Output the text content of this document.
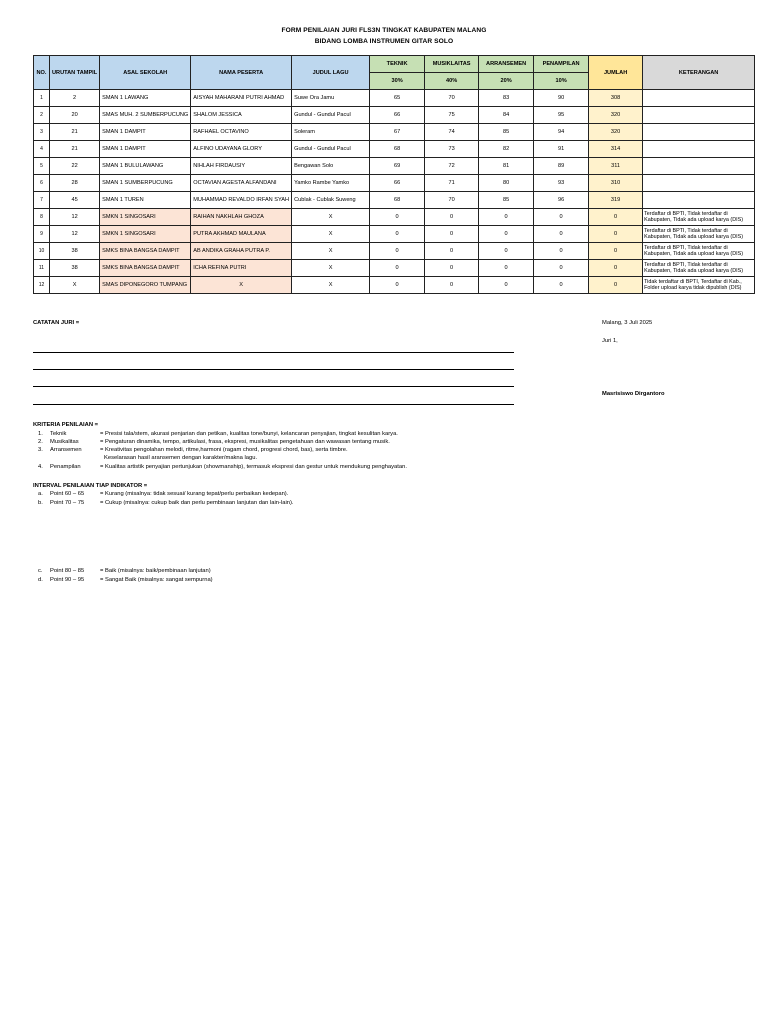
FORM PENILAIAN JURI FLS3N TINGKAT KABUPATEN MALANG
BIDANG LOMBA INSTRUMEN GITAR SOLO
NO.	URUTAN TAMPIL	ASAL SEKOLAH	NAMA PESERTA	JUDUL LAGU	TEKNIK	MUSIKLAITAS	ARRANSEMEN	PENAMPILAN	JUMLAH	KETERANGAN
					30%	40%	20%	10%		
1	2	SMAN 1 LAWANG	AISYAH MAHARANI PUTRI AHMAD	Suwe Ora Jamu	65	70	83	90	308	
2	20	SMAS MUH. 2 SUMBERPUCUNG	SHALOM JESSICA	Gundul - Gundul Pacul	66	75	84	95	320	
3	21	SMAN 1 DAMPIT	RAFHAEL OCTAVINO	Soleram	67	74	85	94	320	
4	21	SMAN 1 DAMPIT	ALFINO UDAYANA GLORY	Gundul - Gundul Pacul	68	73	82	91	314	
5	22	SMAN 1 BULULAWANG	NIHLAH FIRDAUSIY	Bengawan Solo	69	72	81	89	311	
6	28	SMAN 1 SUMBERPUCUNG	OCTAVIAN AGESTA ALFANDANI	Yamko Rambe Yamko	66	71	80	93	310	
7	45	SMAN 1 TUREN	MUHAMMAD REVALDO IRFAN SYAH	Cublak - Cublak Suweng	68	70	85	96	319	
8	12	SMKN 1 SINGOSARI	RAIHAN NAKHLAH GHOZA	X	0	0	0	0	0	Terdaftar di BPTI, Tidak terdaftar di Kabupaten, Tidak ada upload karya (DIS)
9	12	SMKN 1 SINGOSARI	PUTRA AKHMAD MAULANA	X	0	0	0	0	0	Terdaftar di BPTI, Tidak terdaftar di Kabupaten, Tidak ada upload karya (DIS)
10	38	SMKS BINA BANGSA DAMPIT	AB ANDIKA GRAHA PUTRA P.	X	0	0	0	0	0	Terdaftar di BPTI, Tidak terdaftar di Kabupaten, Tidak ada upload karya (DIS)
11	38	SMKS BINA BANGSA DAMPIT	ICHA REFINA PUTRI	X	0	0	0	0	0	Terdaftar di BPTI, Tidak terdaftar di Kabupaten, Tidak ada upload karya (DIS)
12	X	SMAS DIPONEGORO TUMPANG	X	X	0	0	0	0	0	Tidak terdaftar di BPTI, Terdaftar di Kab., Folder upload karya tidak dipublish (DIS)
CATATAN JURI =	Malang, 3 Juli 2025
Juri 1,
Masrisiswo Dirgantoro
KRITERIA PENILAIAN =
1. Teknik	= Presisi tala/stem, akurasi penjarian dan petikan, kualitas tone/bunyi, kelancaran penyajian, tingkat kesulitan karya.
2. Musikalitas	= Pengaturan dinamika, tempo, artikulasi, frasa, ekspresi, musikalitas pengetahuan dan wawasan tentang musik.
3. Arransemen	= Kreativitas pengolahan melodi, ritme,harmoni (ragam chord, progresi chord, bas), serta timbre.
Keselarasan hasil aransemen dengan karakter/makna lagu.
4. Penampilan	= Kualitas artistik penyajian pertunjukan (showmanship), termasuk ekspresi dan gestur untuk mendukung penghayatan.
INTERVAL PENILAIAN TIAP INDIKATOR =
a. Point 60 – 65	= Kurang (misalnya: tidak sesuai/ kurang tepat/perlu perbaikan kedepan).
b. Point 70 – 75	= Cukup (misalnya: cukup baik dan perlu pembinaan lanjutan dan lain-lain).
c. Point 80 – 85	= Baik (misalnya: baik/pembinaan lanjutan)
d. Point 90 – 95	= Sangat Baik (misalnya: sangat sempurna)
